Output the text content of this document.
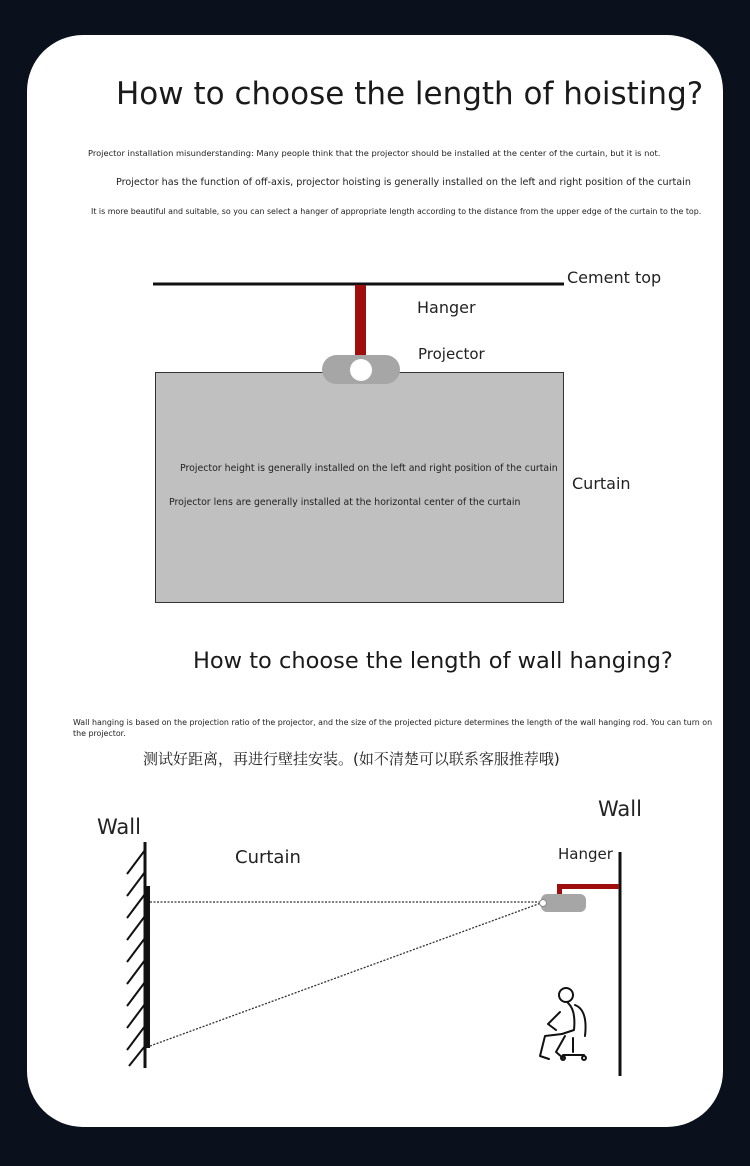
How to choose the length of hoisting?
Projector installation misunderstanding: Many people think that the projector should be installed at the center of the curtain, but it is not.
Projector has the function of off-axis, projector hoisting is generally installed on the left and right position of the curtain
It is more beautiful and suitable, so you can select a hanger of appropriate length according to the distance from the upper edge of the curtain to the top.
Cement top
Hanger
Projector
Curtain
Projector height is generally installed on the left and right position of the curtain
Projector lens are generally installed at the horizontal center of the curtain
How to choose the length of wall hanging?
Wall hanging is based on the projection ratio of the projector, and the size of the projected picture determines the length of the wall hanging rod. You can turn on the projector.
测试好距离，再进行壁挂安装。(如不清楚可以联系客服推荐哦)
Wall
Wall
Curtain	Hanger
